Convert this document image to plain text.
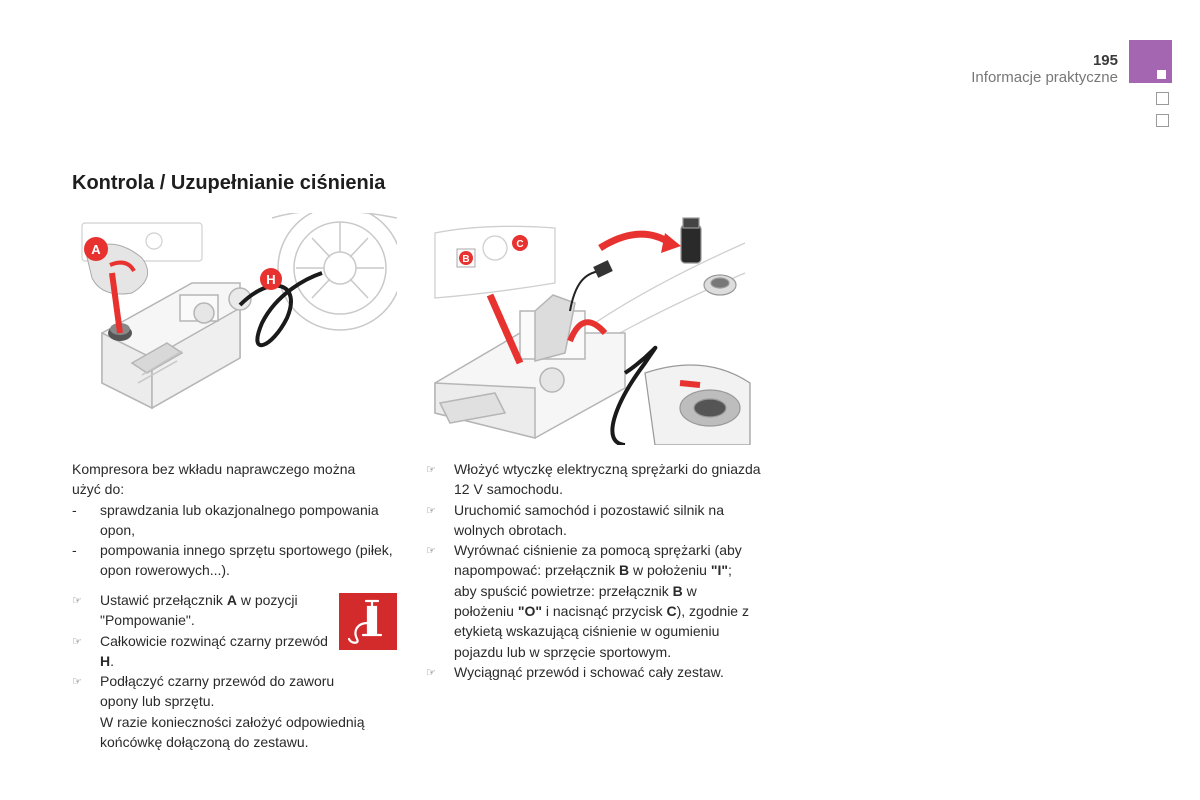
195
Informacje praktyczne
Kontrola / Uzupełnianie ciśnienia
A
H
B
C

Kompresora bez wkładu naprawczego można użyć do:

- sprawdzania lub okazjonalnego pompowania opon,

- pompowania innego sprzętu sportowego (piłek, opon rowerowych...).

☞ Ustawić przełącznik A w pozycji "Pompowanie".

☞ Całkowicie rozwinąć czarny przewód H.

☞ Podłączyć czarny przewód do zaworu opony lub sprzętu.

W razie konieczności założyć odpowiednią końcówkę dołączoną do zestawu.

☞ Włożyć wtyczkę elektryczną sprężarki do gniazda 12 V samochodu.

☞ Uruchomić samochód i pozostawić silnik na wolnych obrotach.

☞ Wyrównać ciśnienie za pomocą sprężarki (aby napompować: przełącznik B w położeniu "I"; aby spuścić powietrze: przełącznik B w położeniu "O" i nacisnąć przycisk C), zgodnie z etykietą wskazującą ciśnienie w ogumieniu pojazdu lub w sprzęcie sportowym.

☞ Wyciągnąć przewód i schować cały zestaw.
